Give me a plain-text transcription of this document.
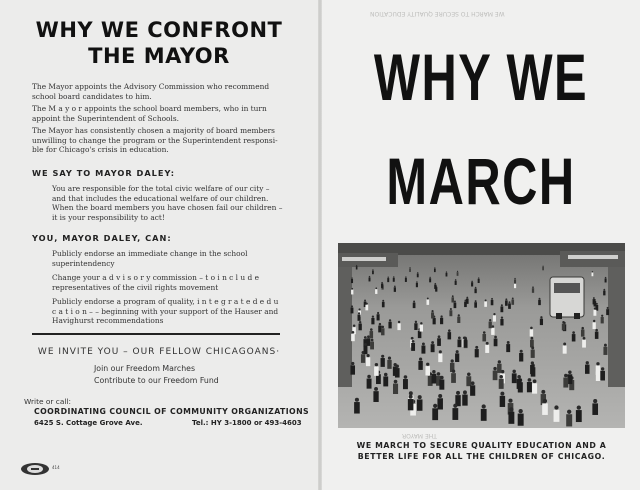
WHY WE CONFRONT
THE MAYOR

The Mayor appoints the Advisory Commission who recommend school board candidates to him.

The M a y o r appoints the school board members, who in turn appoint the Superintendent of Schools.

The Mayor has consistently chosen a majority of board members unwilling to change the program or the Superintendent responsi-ble for Chicago's crisis in education.

WE SAY TO MAYOR DALEY:

You are responsible for the total civic welfare of our city – and that includes the educational welfare of our children. When the board members you have chosen fail our children – it is your responsibility to act!

YOU, MAYOR DALEY, CAN:

Publicly endorse an immediate change in the school superintendency

Change your a d v i s o r y commission – t o i n c l u d e representatives of the civil rights movement

Publicly endorse a program of quality, i n t e g r a t e d e d u c a t i o n – – beginning with your support of the Hauser and Havighurst recommendations

WE INVITE YOU – OUR FELLOW CHICAGOANS·
Join our Freedom Marches
Contribute to our Freedom Fund
Write or call:
COORDINATING COUNCIL OF COMMUNITY ORGANIZATIONS
6425 S. Cottage Grove Ave.	Tel.: HY 3-1800 or 493-4603
414
WHY WE
MARCH
WE MARCH TO SECURE QUALITY EDUCATION AND A BETTER LIFE FOR ALL THE CHILDREN OF CHICAGO.
WE MARCH TO SECURE QUALITY EDUCATION
THE MAYOR
